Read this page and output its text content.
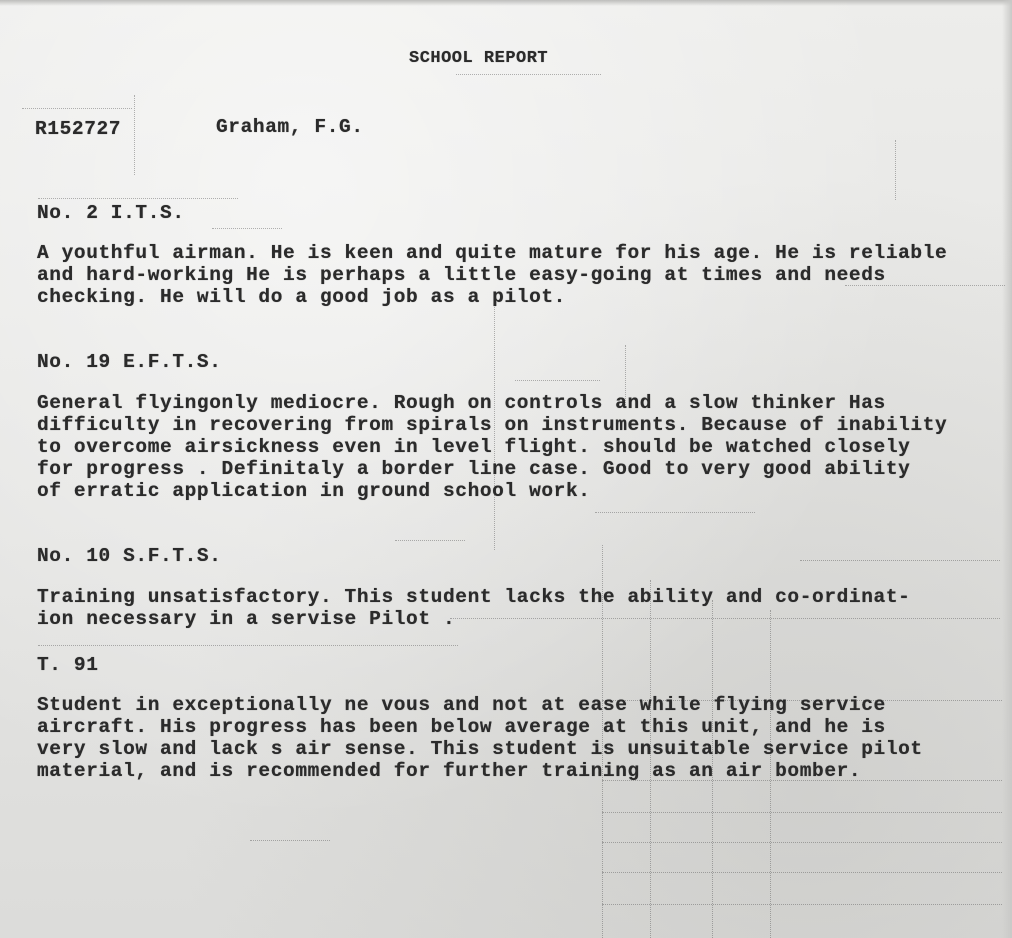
SCHOOL REPORT
R152727	Graham, F.G.
No. 2 I.T.S.
A youthful airman. He is keen and quite mature for his age. He is reliable
and hard-working He is perhaps a little easy-going at times and needs
checking. He will do a good job as a pilot.
No. 19 E.F.T.S.
General flyingonly mediocre. Rough on controls and a slow thinker Has
difficulty in recovering from spirals on instruments. Because of inability
to overcome airsickness even in level flight. should be watched closely
for progress . Definitaly a border line case. Good to very good ability
of erratic application in ground school work.
No. 10 S.F.T.S.
Training unsatisfactory. This student lacks the ability and co-ordinat-
ion necessary in a servise Pilot .
T. 91
Student in exceptionally ne vous and not at ease while flying service
aircraft. His progress has been below average at this unit, and he is
very slow and lack s air sense. This student is unsuitable service pilot
material, and is recommended for further training as an air bomber.
